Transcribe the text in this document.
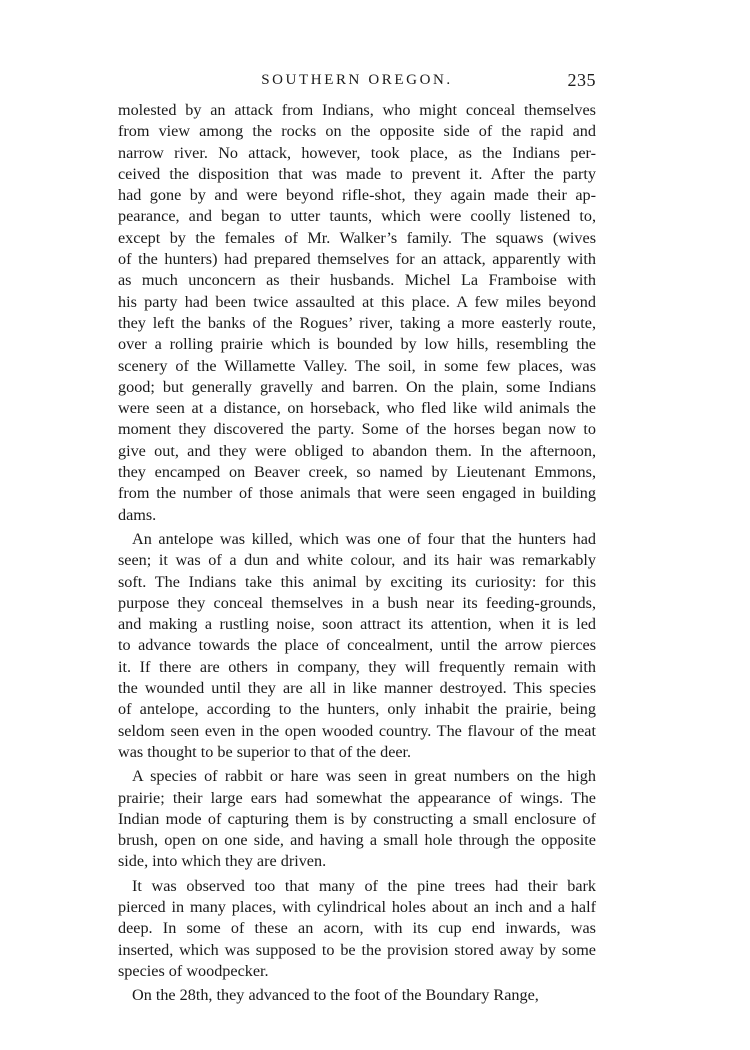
SOUTHERN OREGON.	235
molested by an attack from Indians, who might conceal themselves
from view among the rocks on the opposite side of the rapid and
narrow river. No attack, however, took place, as the Indians per-
ceived the disposition that was made to prevent it. After the party
had gone by and were beyond rifle-shot, they again made their ap-
pearance, and began to utter taunts, which were coolly listened to,
except by the females of Mr. Walker’s family. The squaws (wives
of the hunters) had prepared themselves for an attack, apparently with
as much unconcern as their husbands. Michel La Framboise with
his party had been twice assaulted at this place. A few miles beyond
they left the banks of the Rogues’ river, taking a more easterly route,
over a rolling prairie which is bounded by low hills, resembling the
scenery of the Willamette Valley. The soil, in some few places, was
good; but generally gravelly and barren. On the plain, some Indians
were seen at a distance, on horseback, who fled like wild animals the
moment they discovered the party. Some of the horses began now to
give out, and they were obliged to abandon them. In the afternoon,
they encamped on Beaver creek, so named by Lieutenant Emmons,
from the number of those animals that were seen engaged in building
dams.
An antelope was killed, which was one of four that the hunters had
seen; it was of a dun and white colour, and its hair was remarkably
soft. The Indians take this animal by exciting its curiosity: for this
purpose they conceal themselves in a bush near its feeding-grounds,
and making a rustling noise, soon attract its attention, when it is led
to advance towards the place of concealment, until the arrow pierces
it. If there are others in company, they will frequently remain with
the wounded until they are all in like manner destroyed. This species
of antelope, according to the hunters, only inhabit the prairie, being
seldom seen even in the open wooded country. The flavour of the meat
was thought to be superior to that of the deer.
A species of rabbit or hare was seen in great numbers on the high
prairie; their large ears had somewhat the appearance of wings. The
Indian mode of capturing them is by constructing a small enclosure of
brush, open on one side, and having a small hole through the opposite
side, into which they are driven.
It was observed too that many of the pine trees had their bark
pierced in many places, with cylindrical holes about an inch and a half
deep. In some of these an acorn, with its cup end inwards, was
inserted, which was supposed to be the provision stored away by some
species of woodpecker.
On the 28th, they advanced to the foot of the Boundary Range,
